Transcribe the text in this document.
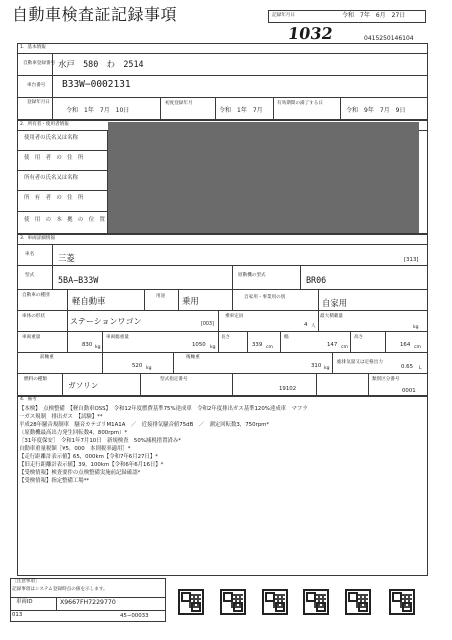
自動車検査証記録事項	記録年月日	令和　7年　6月　27日
1032	0415250146104
1．基本情報
自動車登録番号 水戸　580　わ　2514
車台番号 B33W−0002131
登録年月日
令和　1年　7月　10日
初度登録年月
令和　1年　7月
有効期間の満了する日
令和　9年　7月　9日
2．所有者・使用者情報
使用者の氏名又は名称
使　用　者　の　住　所
所有者の氏名又は名称
所　有　者　の　住　所
使　用　の　本　拠　の　位　置
3．車両詳細情報
車名	三菱	[313]
型式	5BA−B33W	原動機の型式	BR06
自動車の種別
軽自動車	用途 乗用	自家用・事業用の別
自家用
車体の形状
ステーションワゴン	[003]
乗車定員
4 人
最大積載量
kg
車両重量
830 kg
車両総重量
1050 kg
長さ
339 cm
幅
147 cm
高さ
164 cm
前軸重
520 kg
後軸重
310 kg
総排気量又は定格出力
0.65 L
燃料の種類
ガソリン
型式指定番号
19102
類別区分番号
0001
4．備考
【本検】　点検整備　【軽自動車OSS】　令和12年度燃費基準75%達成車　令和2年度排出ガス基準120%達成車　マフラ
一ガス規制　排出ガス　【試験】**
平成28年騒音規制車　騒音カテゴリM1A1A　／　近接排気騒音値75dB　／　測定回転数3，750rpm*
（原動機最高出力発生回転数4，800rpm）*
［31年度保安］　令和1年7月10日　新規検査　50%減税措置済み*
自動車重量税額［¥5，000　本則税率適用］*
【走行距離計表示値】65，000km【令和7年6月27日】*
【旧走行距離計表示値】39，100km【令和6年6月16日】*
【受検情報】検査要件の点検整備実施前記録確認*
【受検情報】指定整備工場**
［注意事項］
記録事項はシステム登録時点の値を示します。
車両ID	X9667FH7229770
013	45−00033
